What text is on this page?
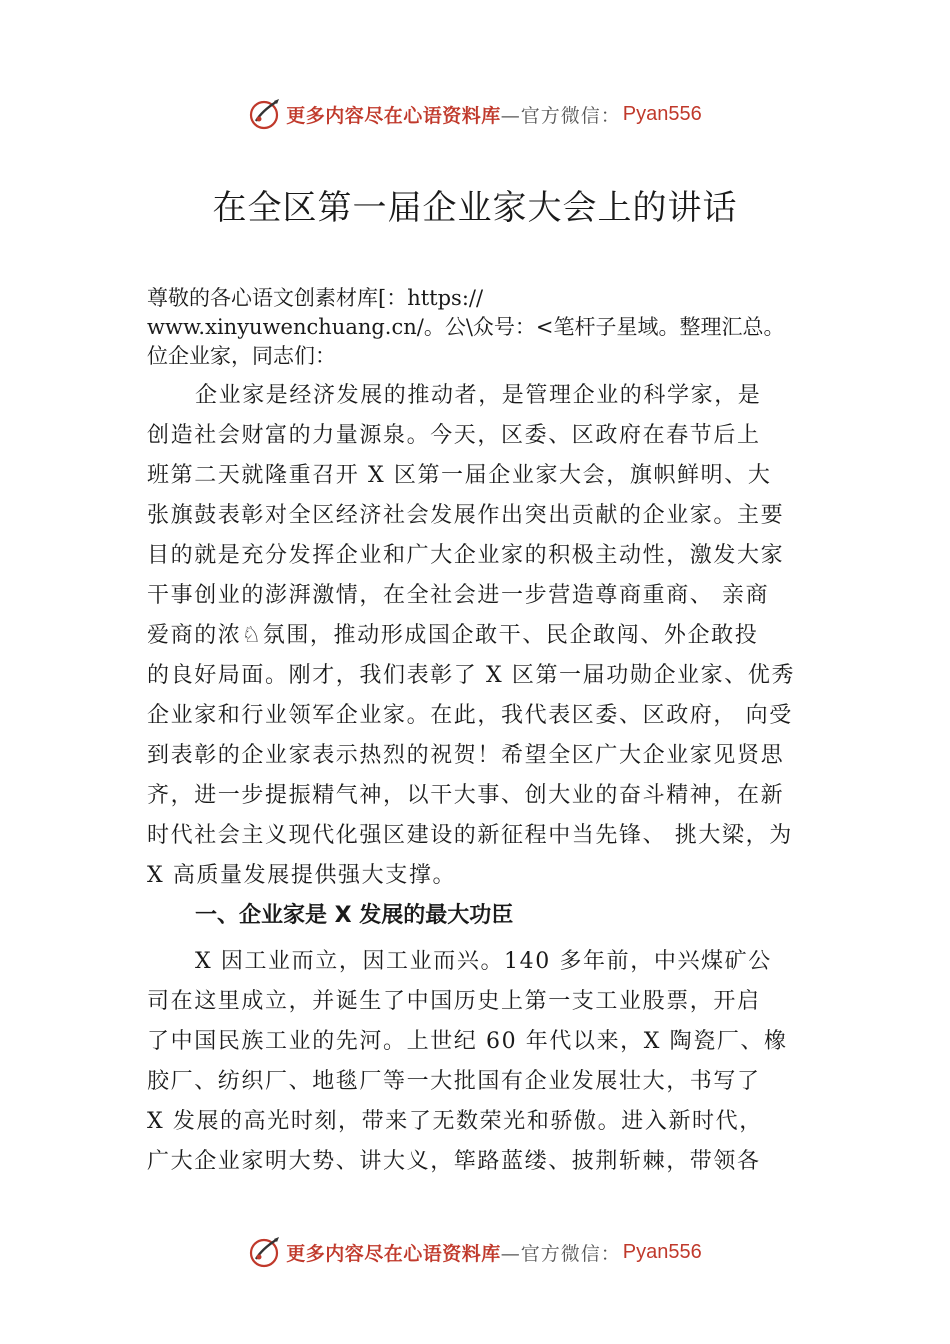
更多内容尽在心语资料库 —官方微信： Pyan556
在全区第一届企业家大会上的讲话
尊敬的各心语文创素材库[：https://
www.xinyuwenchuang.cn/。公\众号：<笔杆子星域。整理汇总。
位企业家，同志们：
企业家是经济发展的推动者，是管理企业的科学家，是
创造社会财富的力量源泉。今天，区委、区政府在春节后上
班第二天就隆重召开 X 区第一届企业家大会，旗帜鲜明、大
张旗鼓表彰对全区经济社会发展作出突出贡献的企业家。主要
目的就是充分发挥企业和广大企业家的积极主动性，激发大家
干事创业的澎湃激情，在全社会进一步营造尊商重商、 亲商
爱商的浓♘氛围，推动形成国企敢干、民企敢闯、外企敢投
的良好局面。刚才，我们表彰了 X 区第一届功勋企业家、优秀
企业家和行业领军企业家。在此，我代表区委、区政府， 向受
到表彰的企业家表示热烈的祝贺！希望全区广大企业家见贤思
齐，进一步提振精气神，以干大事、创大业的奋斗精神，在新
时代社会主义现代化强区建设的新征程中当先锋、 挑大梁，为
X 高质量发展提供强大支撑。
一、企业家是 X 发展的最大功臣
X 因工业而立，因工业而兴。140 多年前，中兴煤矿公
司在这里成立，并诞生了中国历史上第一支工业股票，开启
了中国民族工业的先河。上世纪 60 年代以来，X 陶瓷厂、橡
胶厂、纺织厂、地毯厂等一大批国有企业发展壮大，书写了
X 发展的高光时刻，带来了无数荣光和骄傲。进入新时代，
广大企业家明大势、讲大义，筚路蓝缕、披荆斩棘，带领各
更多内容尽在心语资料库 —官方微信： Pyan556
